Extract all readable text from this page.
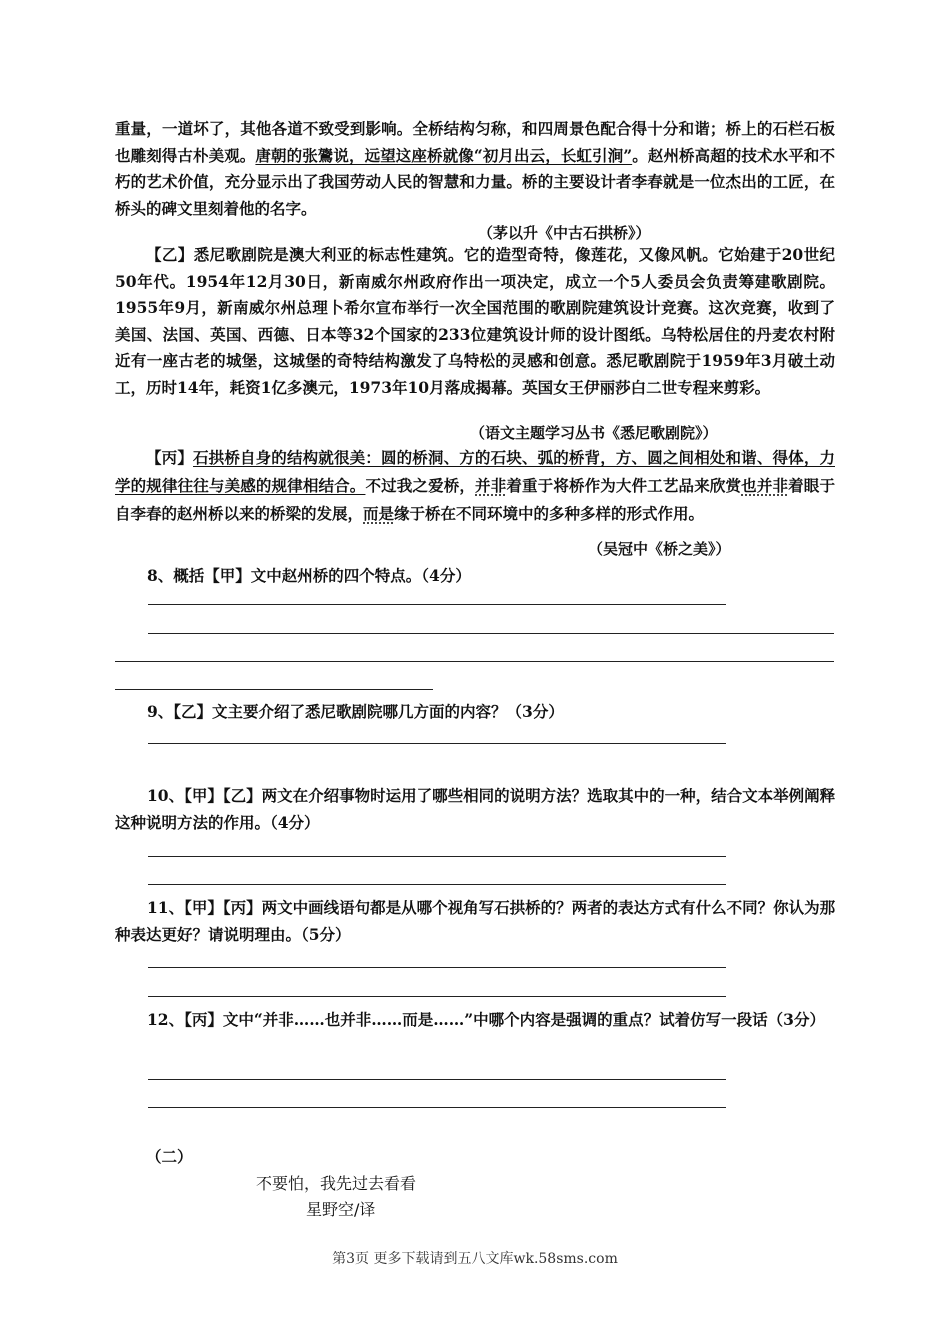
重量，一道坏了，其他各道不致受到影响。全桥结构匀称，和四周景色配合得十分和谐；桥上的石栏石板也雕刻得古朴美观。唐朝的张鷟说，远望这座桥就像“初月出云，长虹引涧”。赵州桥高超的技术水平和不朽的艺术价值，充分显示出了我国劳动人民的智慧和力量。桥的主要设计者李春就是一位杰出的工匠，在桥头的碑文里刻着他的名字。
（茅以升《中古石拱桥》）
【乙】悉尼歌剧院是澳大利亚的标志性建筑。它的造型奇特，像莲花，又像风帆。它始建于20世纪50年代。1954年12月30日，新南威尔州政府作出一项决定，成立一个5人委员会负责筹建歌剧院。1955年9月，新南威尔州总理卜希尔宣布举行一次全国范围的歌剧院建筑设计竞赛。这次竞赛，收到了美国、法国、英国、西德、日本等32个国家的233位建筑设计师的设计图纸。乌特松居住的丹麦农村附近有一座古老的城堡，这城堡的奇特结构激发了乌特松的灵感和创意。悉尼歌剧院于1959年3月破土动工，历时14年，耗资1亿多澳元，1973年10月落成揭幕。英国女王伊丽莎白二世专程来剪彩。
（语文主题学习丛书《悉尼歌剧院》）
【丙】石拱桥自身的结构就很美：圆的桥洞、方的石块、弧的桥背，方、圆之间相处和谐、得体，力学的规律往往与美感的规律相结合。不过我之爱桥，并非着重于将桥作为大件工艺品来欣赏也并非着眼于自李春的赵州桥以来的桥梁的发展，而是缘于桥在不同环境中的多种多样的形式作用。
（吴冠中《桥之美》）
8、概括【甲】文中赵州桥的四个特点。（4分）
9、【乙】文主要介绍了悉尼歌剧院哪几方面的内容？（3分）
10、【甲】【乙】两文在介绍事物时运用了哪些相同的说明方法？选取其中的一种，结合文本举例阐释这种说明方法的作用。（4分）
11、【甲】【丙】两文中画线语句都是从哪个视角写石拱桥的？两者的表达方式有什么不同？你认为那种表达更好？请说明理由。（5分）
12、【丙】文中“并非……也并非……而是……”中哪个内容是强调的重点？试着仿写一段话（3分）
（二）
不要怕，我先过去看看
星野空/译
第3页 更多下载请到五八文库wk.58sms.com
